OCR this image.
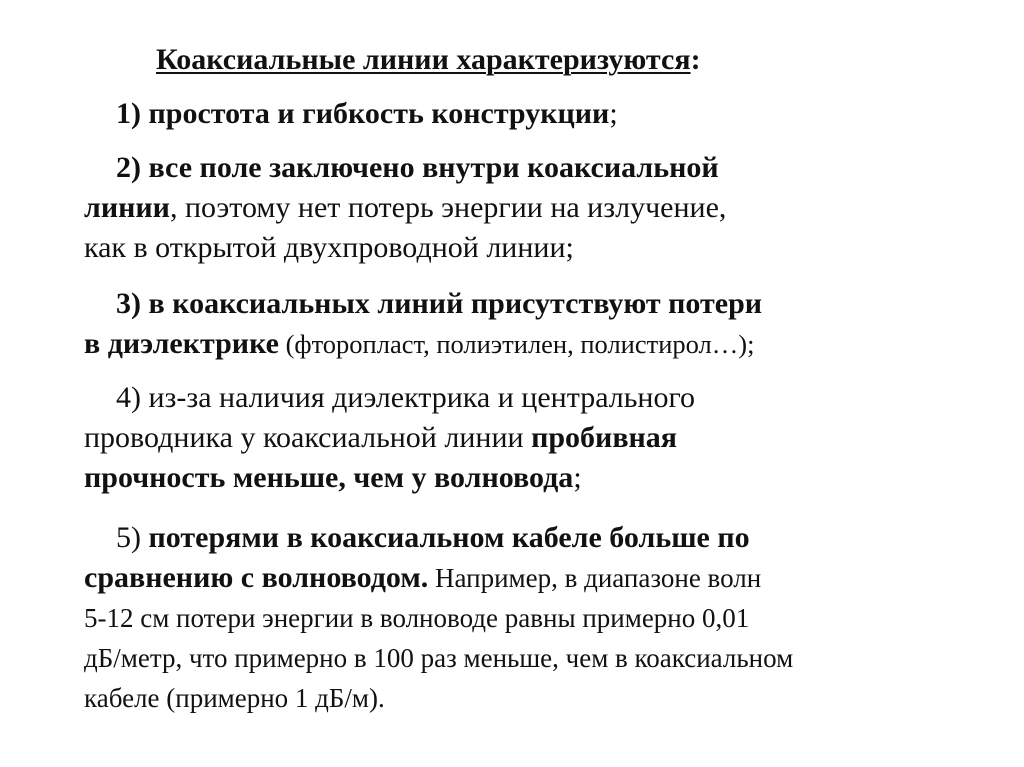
Коаксиальные линии характеризуются:
1) простота и гибкость конструкции;
2) все поле заключено внутри коаксиальной
линии, поэтому нет потерь энергии на излучение,
как в открытой двухпроводной линии;
3) в коаксиальных линий присутствуют потери
в диэлектрике (фторопласт, полиэтилен, полистирол…);
4) из-за наличия диэлектрика и центрального
проводника у коаксиальной линии пробивная
прочность меньше, чем у волновода;
5) потерями в коаксиальном кабеле больше по
сравнению с волноводом. Например, в диапазоне волн
5-12 см потери энергии в волноводе равны примерно 0,01
дБ/метр, что примерно в 100 раз меньше, чем в коаксиальном
кабеле (примерно 1 дБ/м).
